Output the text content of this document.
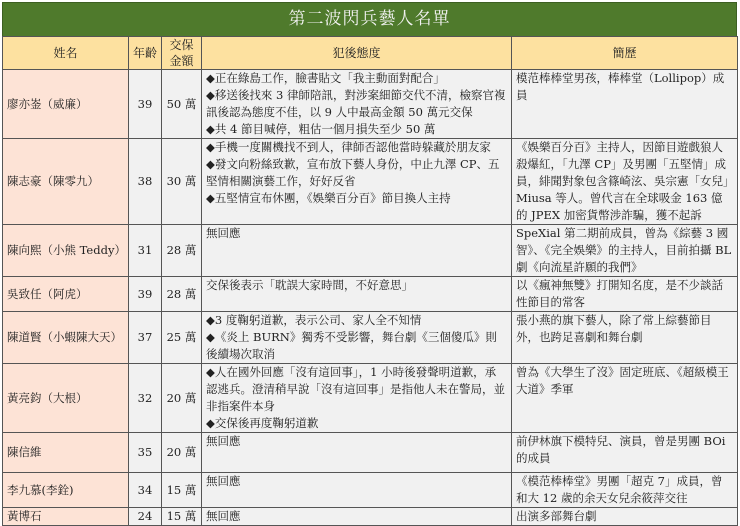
第二波閃兵藝人名單
姓名	年齡	交保金額	犯後態度	簡歷
廖亦崟（威廉）	39	50 萬	◆正在綠島工作，臉書貼文「我主動面對配合」
◆移送後找來 3 律師陪訊，對涉案細節交代不清，檢察官複訊後認為態度不佳，以 9 人中最高金額 50 萬元交保
◆共 4 節目喊停，粗估一個月損失至少 50 萬	模范棒棒堂男孩，棒棒堂（Lollipop）成員
陳志豪（陳零九）	38	30 萬	◆手機一度關機找不到人，律師否認他當時躲藏於朋友家
◆發文向粉絲致歉，宣布放下藝人身份，中止九澤 CP、五堅情相關演藝工作，好好反省
◆五堅情宣布休團，《娛樂百分百》節目換人主持	《娛樂百分百》主持人，因節目遊戲狼人殺爆紅，「九澤 CP」及男團「五堅情」成員，緋聞對象包含篠崎泫、吳宗憲「女兒」Miusa 等人。曾代言在全球吸金 163 億的 JPEX 加密貨幣涉詐騙，獲不起訴
陳向熙（小熊 Teddy）	31	28 萬	無回應	SpeXial 第二期前成員，曾為《綜藝 3 國智》、《完全娛樂》的主持人，目前拍攝 BL 劇《向流星許願的我們》
吳致任（阿虎）	39	28 萬	交保後表示「耽誤大家時間，不好意思」	以《瘋神無雙》打開知名度，是不少談話性節目的常客
陳道賢（小蝦陳大天）	37	25 萬	◆3 度鞠躬道歉，表示公司、家人全不知情
◆《炎上 BURN》獨秀不受影響，舞台劇《三個傻瓜》則後續場次取消	張小燕的旗下藝人，除了常上綜藝節目外，也跨足喜劇和舞台劇
黃亮鈞（大根）	32	20 萬	◆人在國外回應「沒有這回事」，1 小時後發聲明道歉，承認逃兵。澄清稍早說「沒有這回事」是指他人未在警局，並非指案件本身
◆交保後再度鞠躬道歉	曾為《大學生了沒》固定班底、《超級模王大道》季軍
陳信維	35	20 萬	無回應	前伊林旗下模特兒、演員，曾是男團 BOi 的成員
李九慕(李銓)	34	15 萬	無回應	《模范棒棒堂》男團「超克 7」成員，曾和大 12 歲的余天女兒余筱萍交往
黃博石	24	15 萬	無回應	出演多部舞台劇
